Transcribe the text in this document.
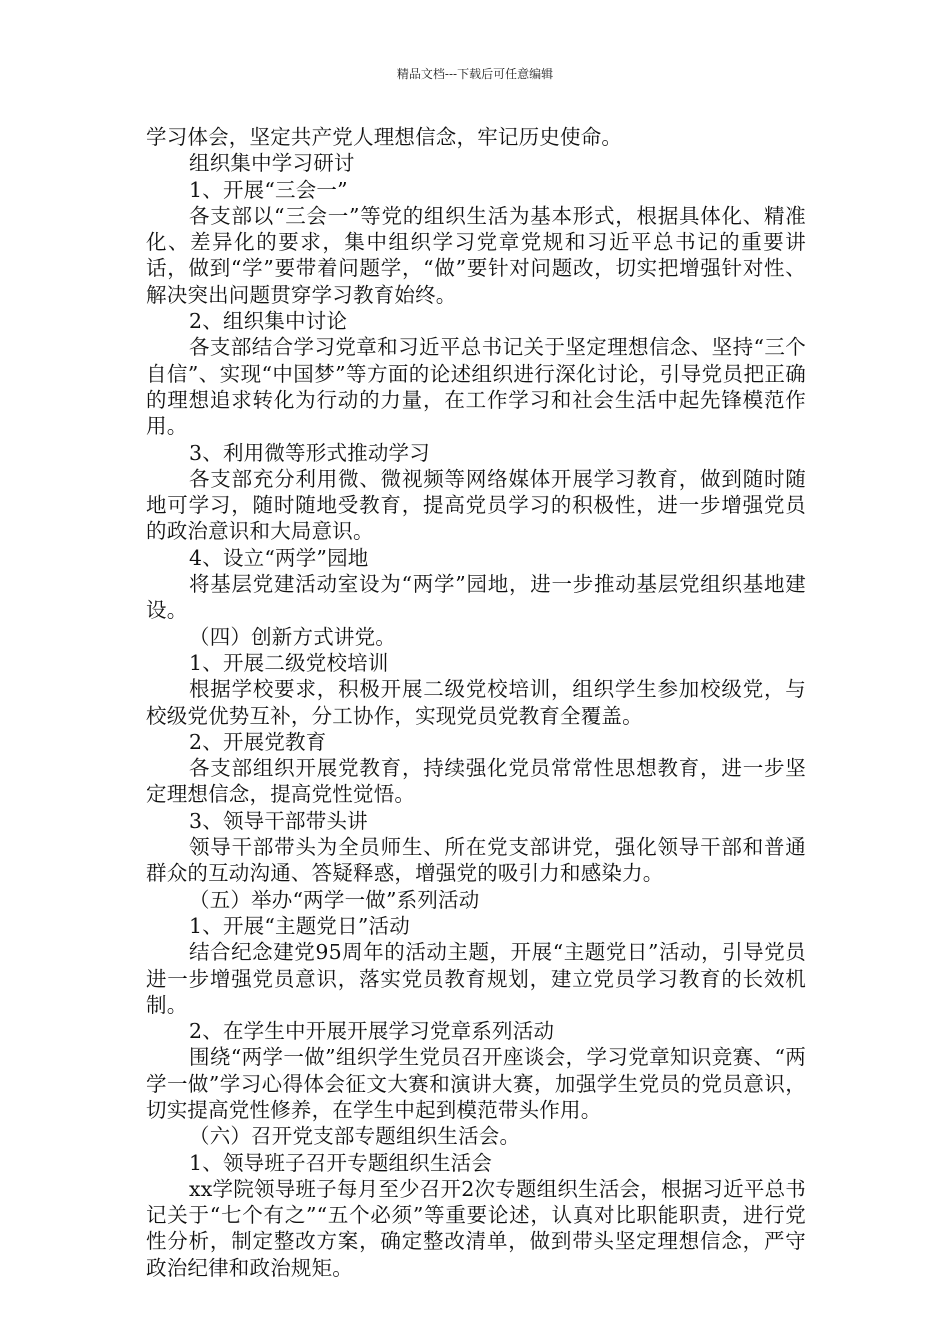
精品文档---下载后可任意编辑

学习体会，坚定共产党人理想信念，牢记历史使命。

组织集中学习研讨

1、开展“三会一”

各支部以“三会一”等党的组织生活为基本形式，根据具体化、精准化、差异化的要求，集中组织学习党章党规和习近平总书记的重要讲话，做到“学”要带着问题学，“做”要针对问题改，切实把增强针对性、解决突出问题贯穿学习教育始终。

2、组织集中讨论

各支部结合学习党章和习近平总书记关于坚定理想信念、坚持“三个自信”、实现“中国梦”等方面的论述组织进行深化讨论，引导党员把正确的理想追求转化为行动的力量，在工作学习和社会生活中起先锋模范作用。

3、利用微等形式推动学习

各支部充分利用微、微视频等网络媒体开展学习教育，做到随时随地可学习，随时随地受教育，提高党员学习的积极性，进一步增强党员的政治意识和大局意识。

4、设立“两学”园地

将基层党建活动室设为“两学”园地，进一步推动基层党组织基地建设。

（四）创新方式讲党。

1、开展二级党校培训

根据学校要求，积极开展二级党校培训，组织学生参加校级党，与校级党优势互补，分工协作，实现党员党教育全覆盖。

2、开展党教育

各支部组织开展党教育，持续强化党员常常性思想教育，进一步坚定理想信念，提高党性觉悟。

3、领导干部带头讲

领导干部带头为全员师生、所在党支部讲党，强化领导干部和普通群众的互动沟通、答疑释惑，增强党的吸引力和感染力。

（五）举办“两学一做”系列活动

1、开展“主题党日”活动

结合纪念建党95周年的活动主题，开展“主题党日”活动，引导党员进一步增强党员意识，落实党员教育规划，建立党员学习教育的长效机制。

2、在学生中开展开展学习党章系列活动

围绕“两学一做”组织学生党员召开座谈会，学习党章知识竞赛、“两学一做”学习心得体会征文大赛和演讲大赛，加强学生党员的党员意识，切实提高党性修养，在学生中起到模范带头作用。

（六）召开党支部专题组织生活会。

1、领导班子召开专题组织生活会

xx学院领导班子每月至少召开2次专题组织生活会，根据习近平总书记关于“七个有之”“五个必须”等重要论述，认真对比职能职责，进行党性分析，制定整改方案，确定整改清单，做到带头坚定理想信念，严守政治纪律和政治规矩。
